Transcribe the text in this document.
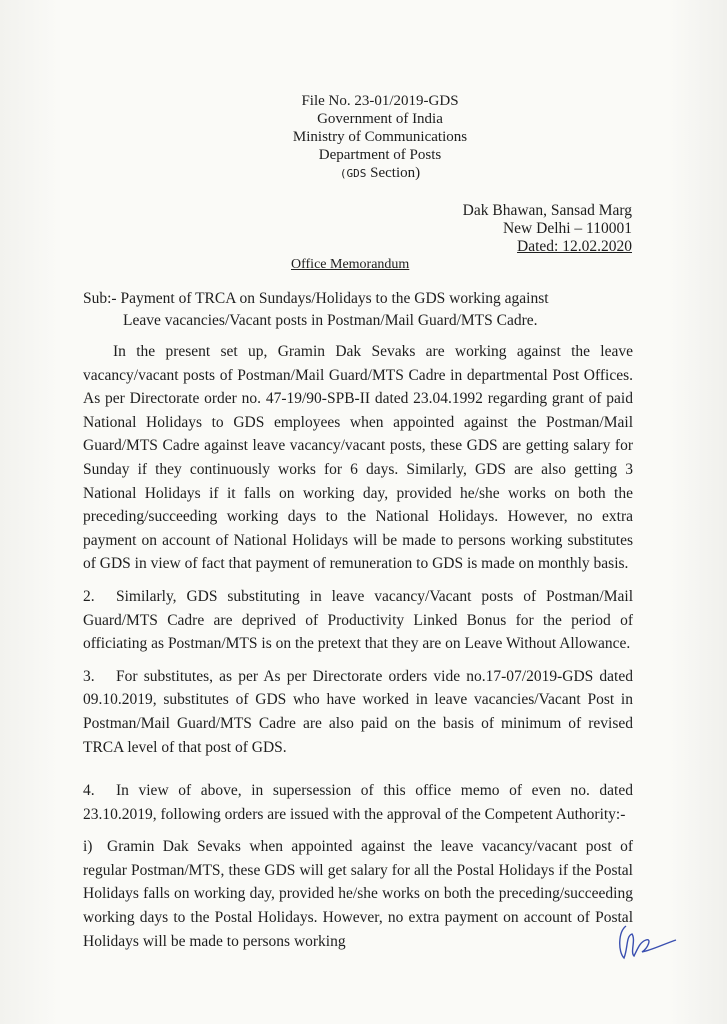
File No. 23-01/2019-GDS
Government of India
Ministry of Communications
Department of Posts
(GDS Section)
Dak Bhawan, Sansad Marg
New Delhi – 110001
Dated: 12.02.2020
Office Memorandum
Sub:- Payment of TRCA on Sundays/Holidays to the GDS working against
Leave vacancies/Vacant posts in Postman/Mail Guard/MTS Cadre.
In the present set up, Gramin Dak Sevaks are working against the leave vacancy/vacant posts of Postman/Mail Guard/MTS Cadre in departmental Post Offices. As per Directorate order no. 47-19/90-SPB-II dated 23.04.1992 regarding grant of paid National Holidays to GDS employees when appointed against the Postman/Mail Guard/MTS Cadre against leave vacancy/vacant posts, these GDS are getting salary for Sunday if they continuously works for 6 days. Similarly, GDS are also getting 3 National Holidays if it falls on working day, provided he/she works on both the preceding/succeeding working days to the National Holidays. However, no extra payment on account of National Holidays will be made to persons working substitutes of GDS in view of fact that payment of remuneration to GDS is made on monthly basis.
2. Similarly, GDS substituting in leave vacancy/Vacant posts of Postman/Mail Guard/MTS Cadre are deprived of Productivity Linked Bonus for the period of officiating as Postman/MTS is on the pretext that they are on Leave Without Allowance.
3. For substitutes, as per As per Directorate orders vide no.17-07/2019-GDS dated 09.10.2019, substitutes of GDS who have worked in leave vacancies/Vacant Post in Postman/Mail Guard/MTS Cadre are also paid on the basis of minimum of revised TRCA level of that post of GDS.
4. In view of above, in supersession of this office memo of even no. dated 23.10.2019, following orders are issued with the approval of the Competent Authority:-
i) Gramin Dak Sevaks when appointed against the leave vacancy/vacant post of regular Postman/MTS, these GDS will get salary for all the Postal Holidays if the Postal Holidays falls on working day, provided he/she works on both the preceding/succeeding working days to the Postal Holidays. However, no extra payment on account of Postal Holidays will be made to persons working
